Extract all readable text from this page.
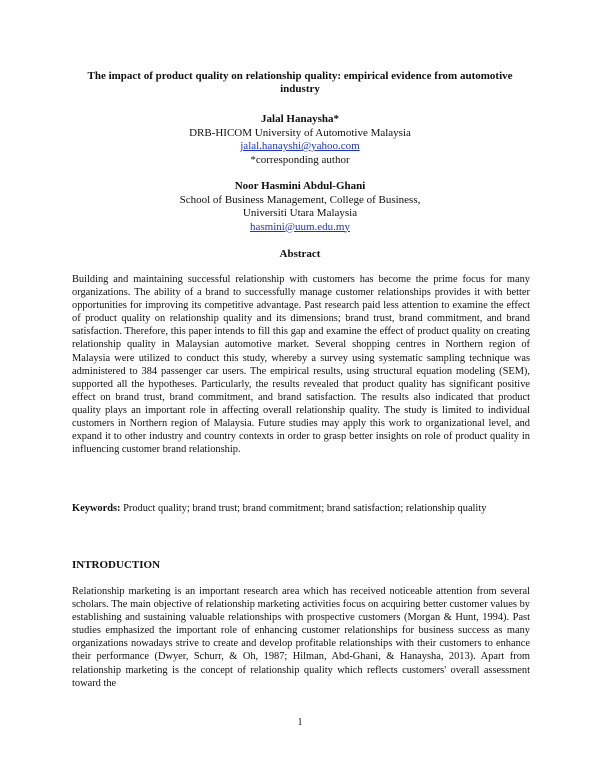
The impact of product quality on relationship quality: empirical evidence from automotive industry
Jalal Hanaysha*
DRB-HICOM University of Automotive Malaysia
jalal.hanayshi@yahoo.com
*corresponding author
Noor Hasmini Abdul-Ghani
School of Business Management, College of Business,
Universiti Utara Malaysia
hasmini@uum.edu.my
Abstract
Building and maintaining successful relationship with customers has become the prime focus for many organizations. The ability of a brand to successfully manage customer relationships provides it with better opportunities for improving its competitive advantage. Past research paid less attention to examine the effect of product quality on relationship quality and its dimensions; brand trust, brand commitment, and brand satisfaction. Therefore, this paper intends to fill this gap and examine the effect of product quality on creating relationship quality in Malaysian automotive market. Several shopping centres in Northern region of Malaysia were utilized to conduct this study, whereby a survey using systematic sampling technique was administered to 384 passenger car users. The empirical results, using structural equation modeling (SEM), supported all the hypotheses. Particularly, the results revealed that product quality has significant positive effect on brand trust, brand commitment, and brand satisfaction. The results also indicated that product quality plays an important role in affecting overall relationship quality. The study is limited to individual customers in Northern region of Malaysia. Future studies may apply this work to organizational level, and expand it to other industry and country contexts in order to grasp better insights on role of product quality in influencing customer brand relationship.
Keywords: Product quality; brand trust; brand commitment; brand satisfaction; relationship quality
INTRODUCTION
Relationship marketing is an important research area which has received noticeable attention from several scholars. The main objective of relationship marketing activities focus on acquiring better customer values by establishing and sustaining valuable relationships with prospective customers (Morgan & Hunt, 1994). Past studies emphasized the important role of enhancing customer relationships for business success as many organizations nowadays strive to create and develop profitable relationships with their customers to enhance their performance (Dwyer, Schurr, & Oh, 1987; Hilman, Abd-Ghani, & Hanaysha, 2013). Apart from relationship marketing is the concept of relationship quality which reflects customers' overall assessment toward the
1
